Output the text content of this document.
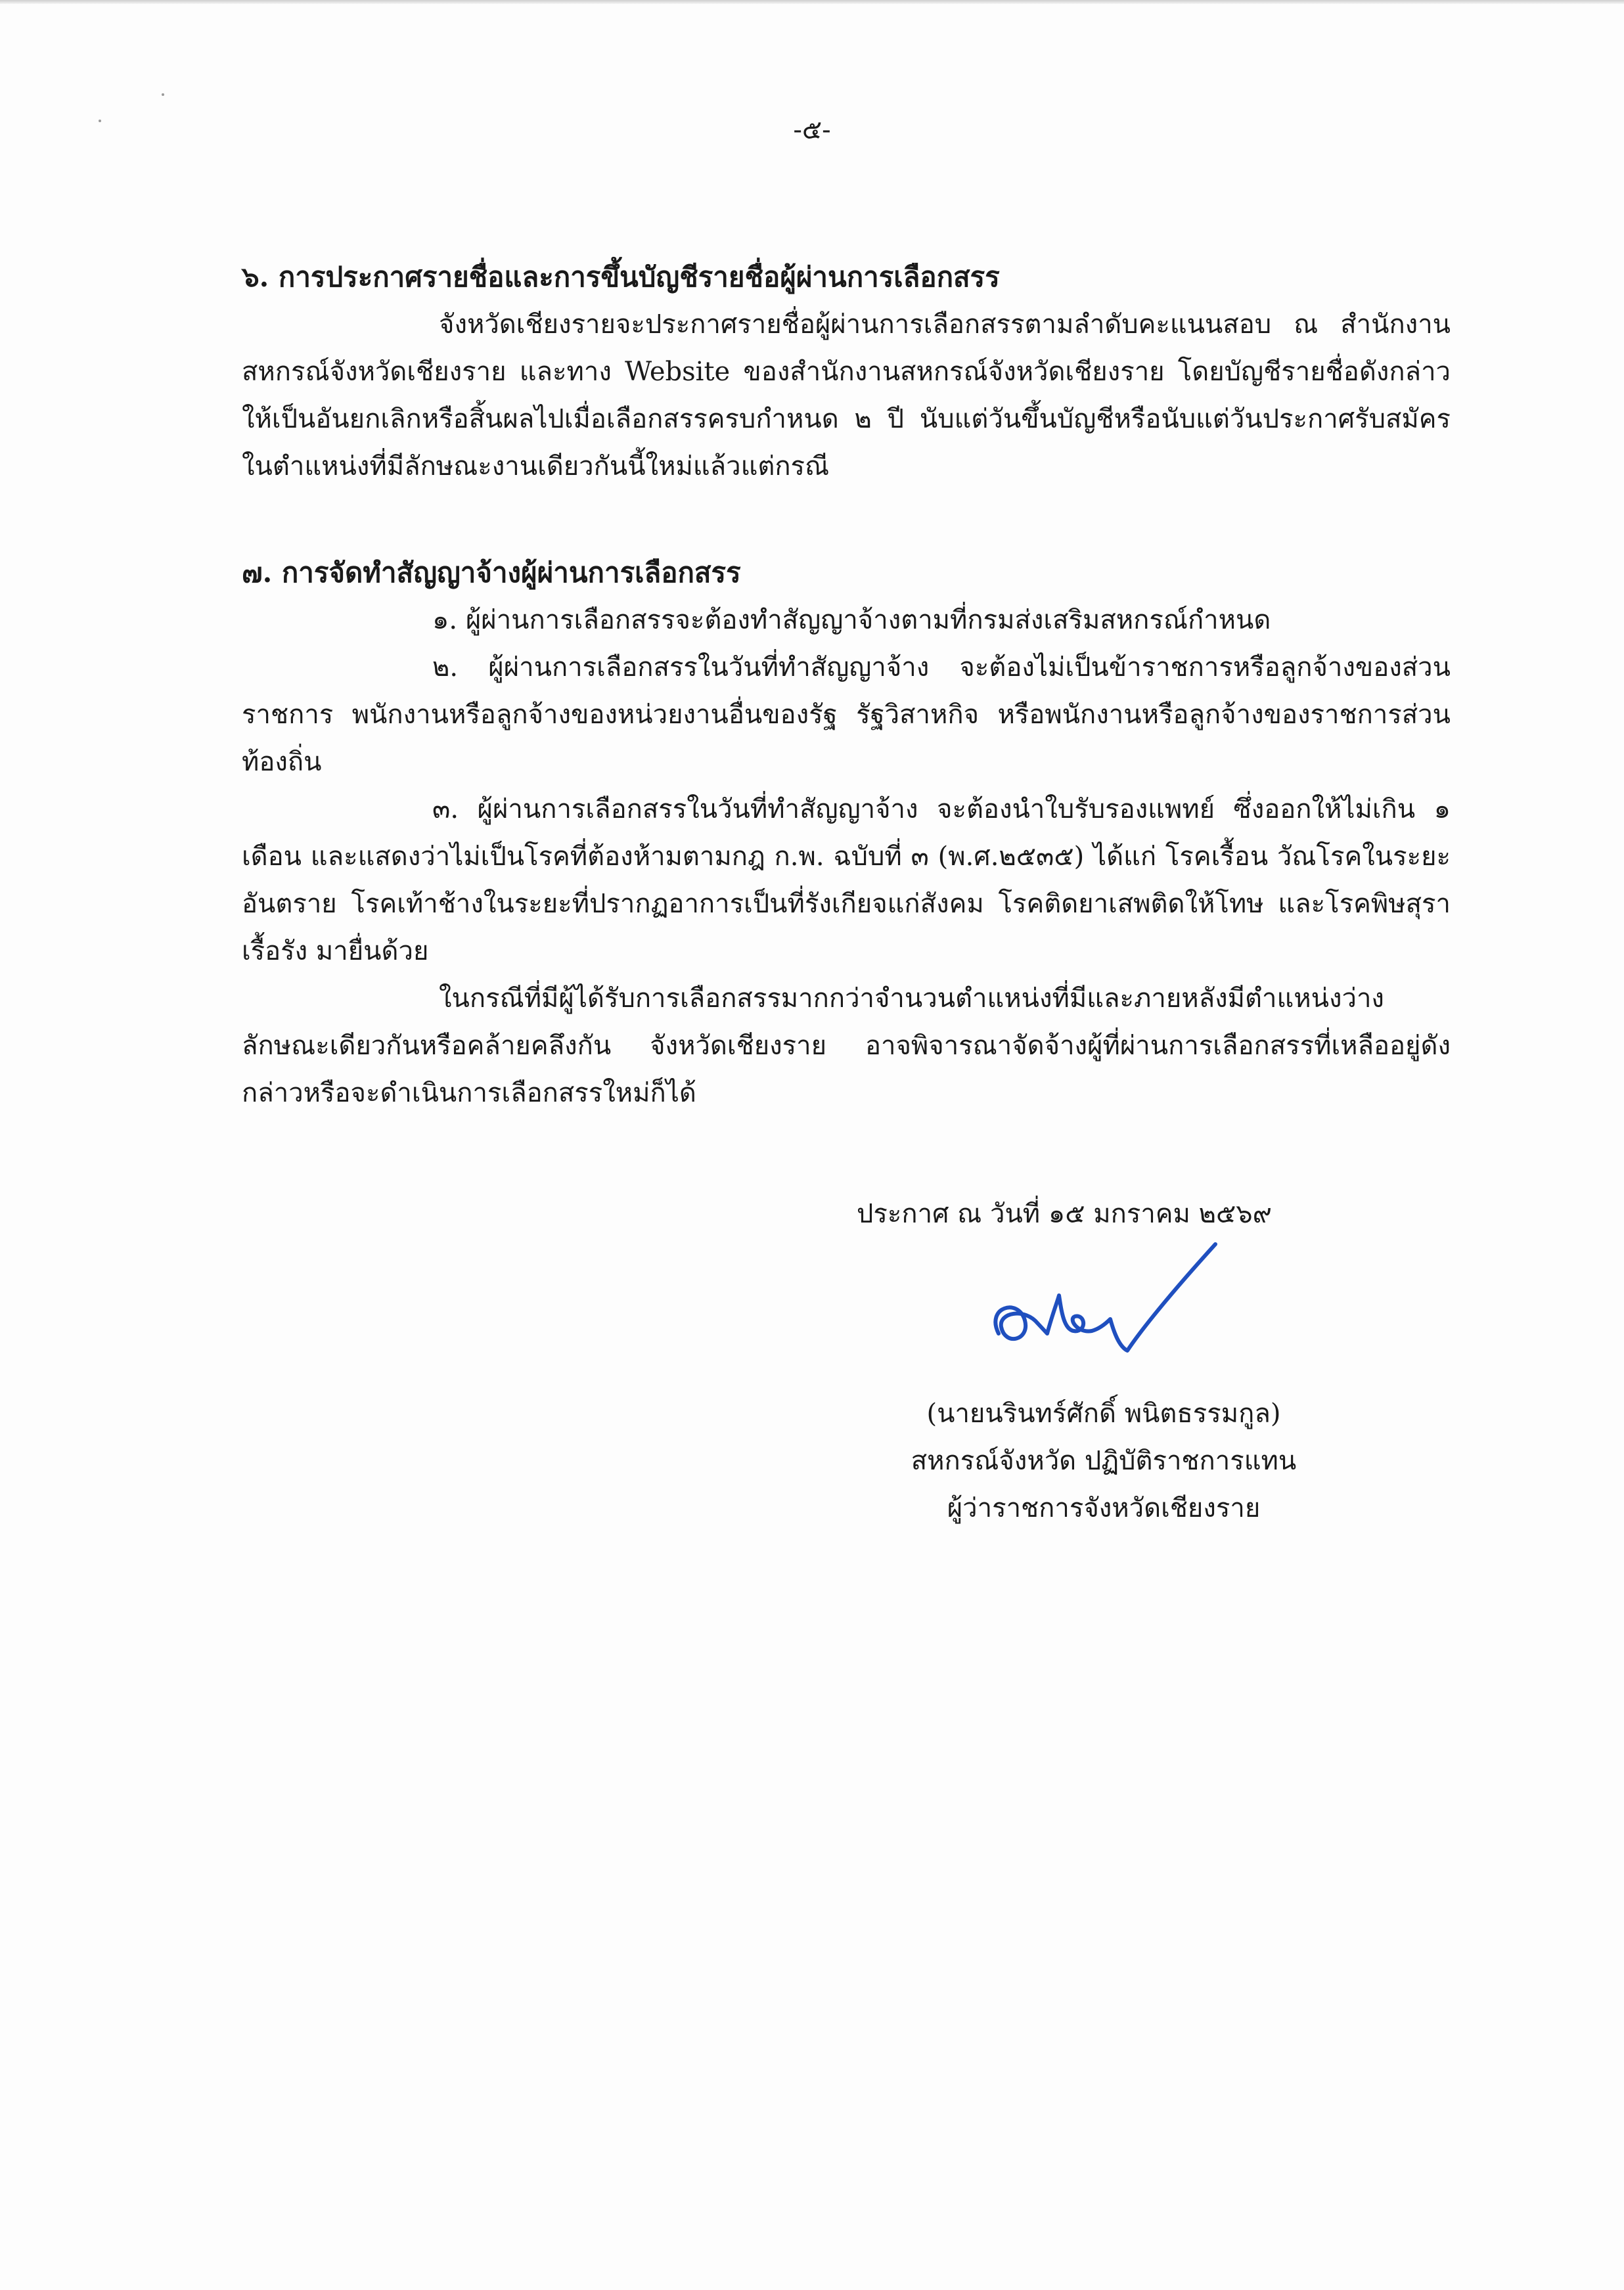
-๕-
๖. การประกาศรายชื่อและการขึ้นบัญชีรายชื่อผู้ผ่านการเลือกสรร
จังหวัดเชียงรายจะประกาศรายชื่อผู้ผ่านการเลือกสรรตามลำดับคะแนนสอบ ณ สำนักงานสหกรณ์จังหวัดเชียงราย และทาง Website ของสำนักงานสหกรณ์จังหวัดเชียงราย โดยบัญชีรายชื่อดังกล่าว ให้เป็นอันยกเลิกหรือสิ้นผลไปเมื่อเลือกสรรครบกำหนด ๒ ปี นับแต่วันขึ้นบัญชีหรือนับแต่วันประกาศรับสมัครในตำแหน่งที่มีลักษณะงานเดียวกันนี้ใหม่แล้วแต่กรณี
๗. การจัดทำสัญญาจ้างผู้ผ่านการเลือกสรร
๑. ผู้ผ่านการเลือกสรรจะต้องทำสัญญาจ้างตามที่กรมส่งเสริมสหกรณ์กำหนด
๒. ผู้ผ่านการเลือกสรรในวันที่ทำสัญญาจ้าง จะต้องไม่เป็นข้าราชการหรือลูกจ้างของส่วนราชการ พนักงานหรือลูกจ้างของหน่วยงานอื่นของรัฐ รัฐวิสาหกิจ หรือพนักงานหรือลูกจ้างของราชการส่วนท้องถิ่น
๓. ผู้ผ่านการเลือกสรรในวันที่ทำสัญญาจ้าง จะต้องนำใบรับรองแพทย์ ซึ่งออกให้ไม่เกิน ๑ เดือน และแสดงว่าไม่เป็นโรคที่ต้องห้ามตามกฎ ก.พ. ฉบับที่ ๓ (พ.ศ.๒๕๓๕) ได้แก่ โรคเรื้อน วัณโรคในระยะอันตราย โรคเท้าช้างในระยะที่ปรากฏอาการเป็นที่รังเกียจแก่สังคม โรคติดยาเสพติดให้โทษ และโรคพิษสุราเรื้อรัง มายื่นด้วย
ในกรณีที่มีผู้ได้รับการเลือกสรรมากกว่าจำนวนตำแหน่งที่มีและภายหลังมีตำแหน่งว่างลักษณะเดียวกันหรือคล้ายคลึงกัน จังหวัดเชียงราย อาจพิจารณาจัดจ้างผู้ที่ผ่านการเลือกสรรที่เหลืออยู่ดังกล่าวหรือจะดำเนินการเลือกสรรใหม่ก็ได้
ประกาศ ณ วันที่ ๑๕ มกราคม ๒๕๖๙
(นายนรินทร์ศักดิ์ พนิตธรรมกูล)
สหกรณ์จังหวัด ปฏิบัติราชการแทน
ผู้ว่าราชการจังหวัดเชียงราย
